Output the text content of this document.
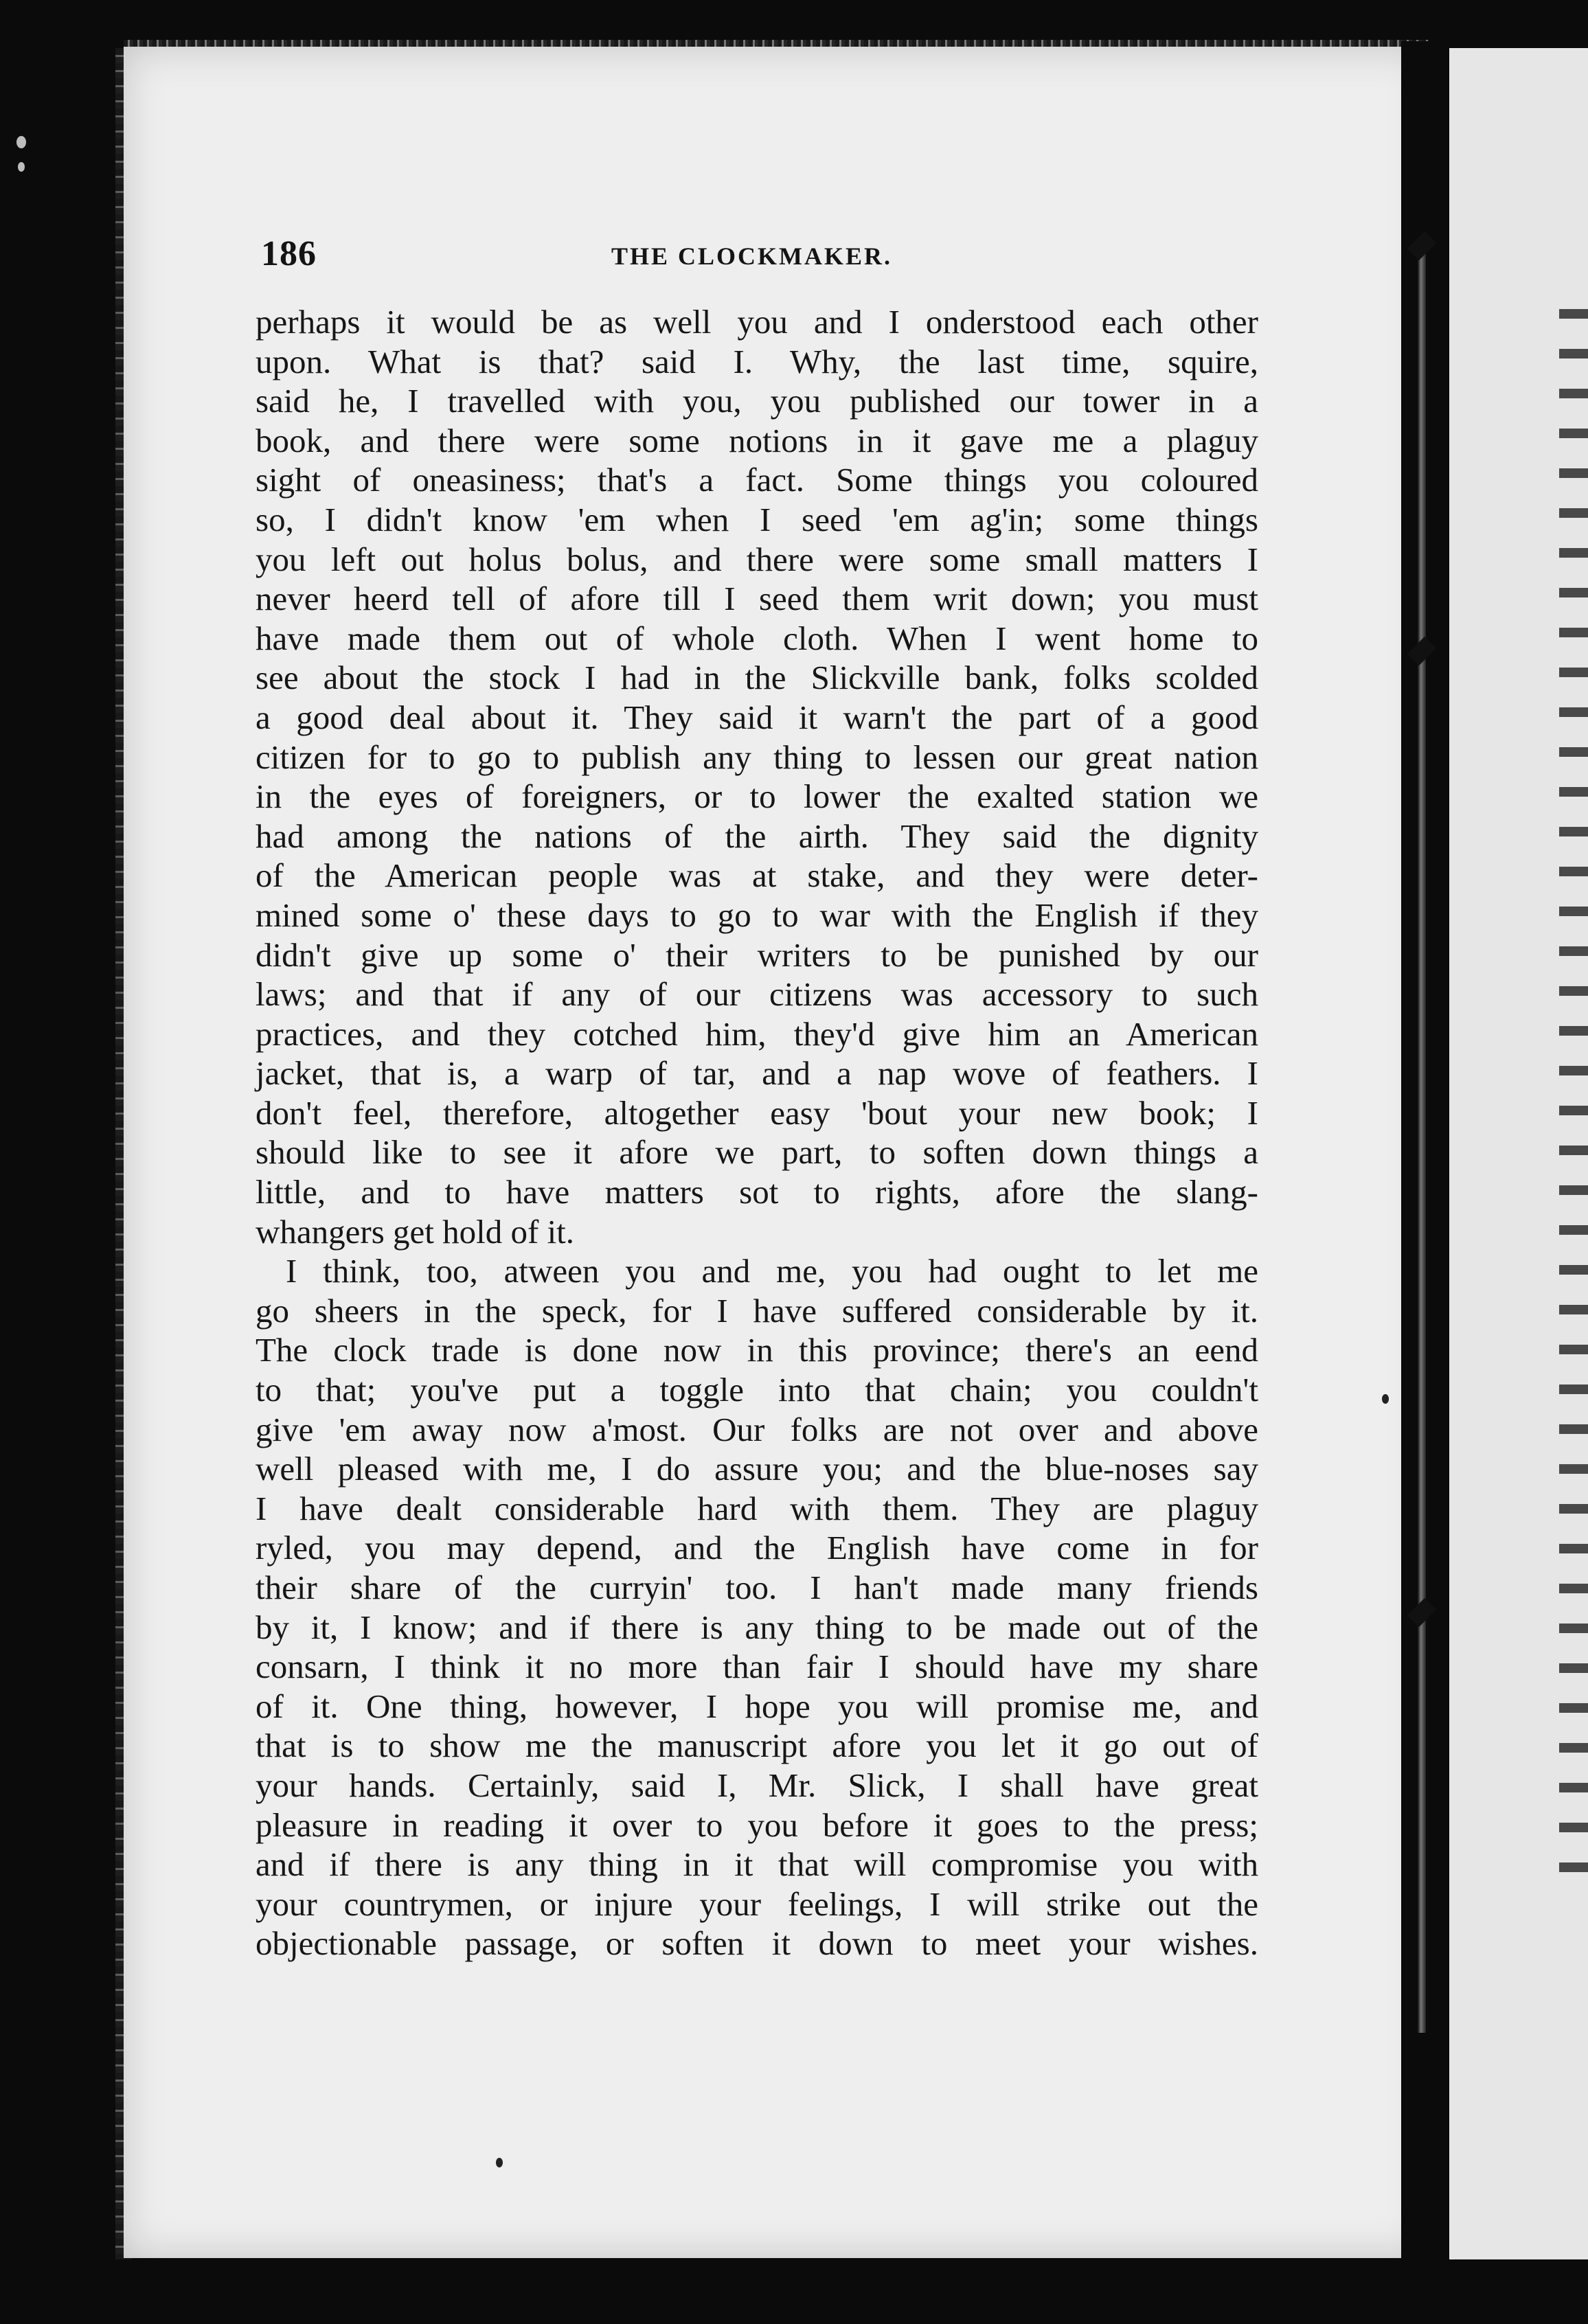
186	THE CLOCKMAKER.
perhaps it would be as well you and I onderstood each other
upon. What is that? said I. Why, the last time, squire,
said he, I travelled with you, you published our tower in a
book, and there were some notions in it gave me a plaguy
sight of oneasiness; that's a fact. Some things you coloured
so, I didn't know 'em when I seed 'em ag'in; some things
you left out holus bolus, and there were some small matters I
never heerd tell of afore till I seed them writ down; you must
have made them out of whole cloth. When I went home to
see about the stock I had in the Slickville bank, folks scolded
a good deal about it. They said it warn't the part of a good
citizen for to go to publish any thing to lessen our great nation
in the eyes of foreigners, or to lower the exalted station we
had among the nations of the airth. They said the dignity
of the American people was at stake, and they were deter-
mined some o' these days to go to war with the English if they
didn't give up some o' their writers to be punished by our
laws; and that if any of our citizens was accessory to such
practices, and they cotched him, they'd give him an American
jacket, that is, a warp of tar, and a nap wove of feathers. I
don't feel, therefore, altogether easy 'bout your new book; I
should like to see it afore we part, to soften down things a
little, and to have matters sot to rights, afore the slang-
whangers get hold of it.
I think, too, atween you and me, you had ought to let me
go sheers in the speck, for I have suffered considerable by it.
The clock trade is done now in this province; there's an eend
to that; you've put a toggle into that chain; you couldn't
give 'em away now a'most. Our folks are not over and above
well pleased with me, I do assure you; and the blue-noses say
I have dealt considerable hard with them. They are plaguy
ryled, you may depend, and the English have come in for
their share of the curryin' too. I han't made many friends
by it, I know; and if there is any thing to be made out of the
consarn, I think it no more than fair I should have my share
of it. One thing, however, I hope you will promise me, and
that is to show me the manuscript afore you let it go out of
your hands. Certainly, said I, Mr. Slick, I shall have great
pleasure in reading it over to you before it goes to the press;
and if there is any thing in it that will compromise you with
your countrymen, or injure your feelings, I will strike out the
objectionable passage, or soften it down to meet your wishes.
